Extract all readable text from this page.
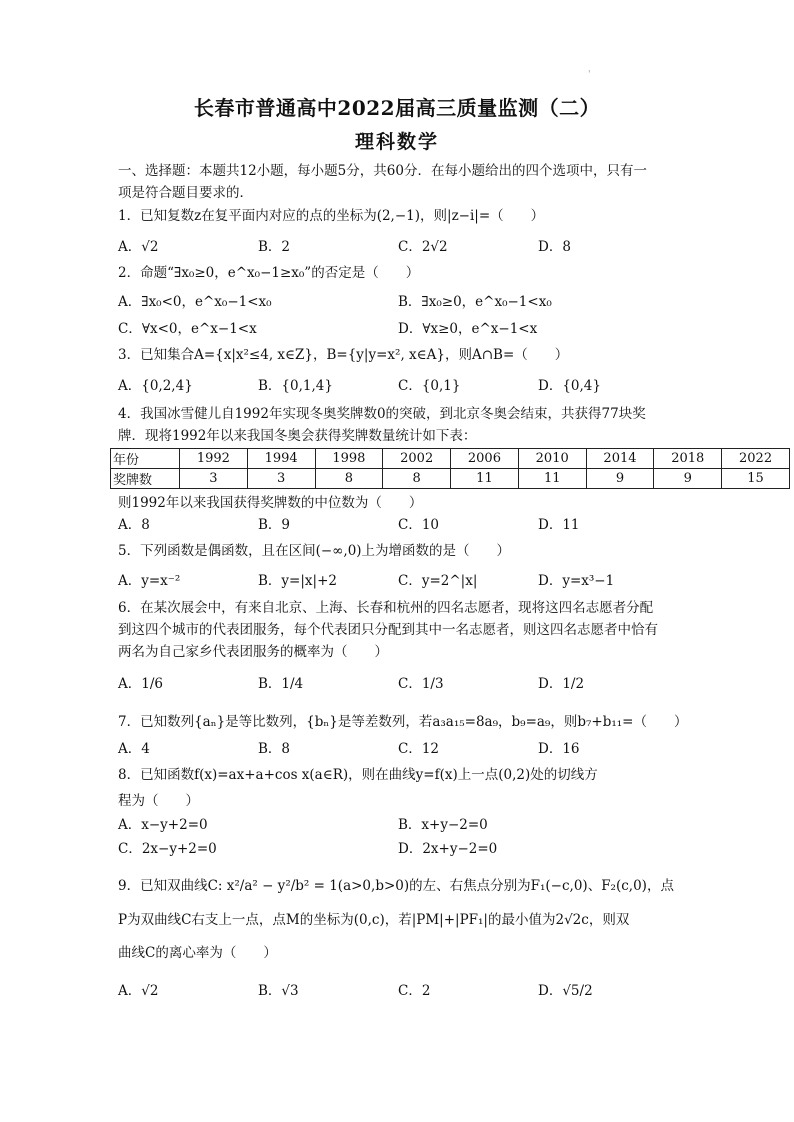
'
长春市普通高中2022届高三质量监测（二）
理科数学
一、选择题：本题共12小题，每小题5分，共60分．在每小题给出的四个选项中，只有一
项是符合题目要求的．
1．已知复数z在复平面内对应的点的坐标为(2,−1)，则|z−i|=（　　）
A．√2	B．2	C．2√2	D．8
2．命题“∃x₀≥0，e^x₀−1≥x₀”的否定是（　　）
A．∃x₀<0，e^x₀−1<x₀	B．∃x₀≥0，e^x₀−1<x₀
C．∀x<0，e^x−1<x	D．∀x≥0，e^x−1<x
3．已知集合A={x|x²≤4, x∈Z}，B={y|y=x², x∈A}，则A∩B=（　　）
A．{0,2,4}	B．{0,1,4}	C．{0,1}	D．{0,4}
4．我国冰雪健儿自1992年实现冬奥奖牌数0的突破，到北京冬奥会结束，共获得77块奖
牌．现将1992年以来我国冬奥会获得奖牌数量统计如下表：
年份	1992	1994	1998	2002	2006	2010	2014	2018	2022
奖牌数	3	3	8	8	11	11	9	9	15
则1992年以来我国获得奖牌数的中位数为（　　）
A．8	B．9	C．10	D．11
5．下列函数是偶函数，且在区间(−∞,0)上为增函数的是（　　）
A．y=x⁻²	B．y=|x|+2	C．y=2^|x|	D．y=x³−1
6．在某次展会中，有来自北京、上海、长春和杭州的四名志愿者，现将这四名志愿者分配
到这四个城市的代表团服务，每个代表团只分配到其中一名志愿者，则这四名志愿者中恰有
两名为自己家乡代表团服务的概率为（　　）
A．1/6	B．1/4	C．1/3	D．1/2
7．已知数列{aₙ}是等比数列，{bₙ}是等差数列，若a₃a₁₅=8a₉，b₉=a₉，则b₇+b₁₁=（　　）
A．4	B．8	C．12	D．16
8．已知函数f(x)=ax+a+cos x(a∈R)，则在曲线y=f(x)上一点(0,2)处的切线方
程为（　　）
A．x−y+2=0	B．x+y−2=0
C．2x−y+2=0	D．2x+y−2=0
9．已知双曲线C: x²/a² − y²/b² = 1(a>0,b>0)的左、右焦点分别为F₁(−c,0)、F₂(c,0)，点
P为双曲线C右支上一点，点M的坐标为(0,c)，若|PM|+|PF₁|的最小值为2√2c，则双
曲线C的离心率为（　　）
A．√2	B．√3	C．2	D．√5/2
